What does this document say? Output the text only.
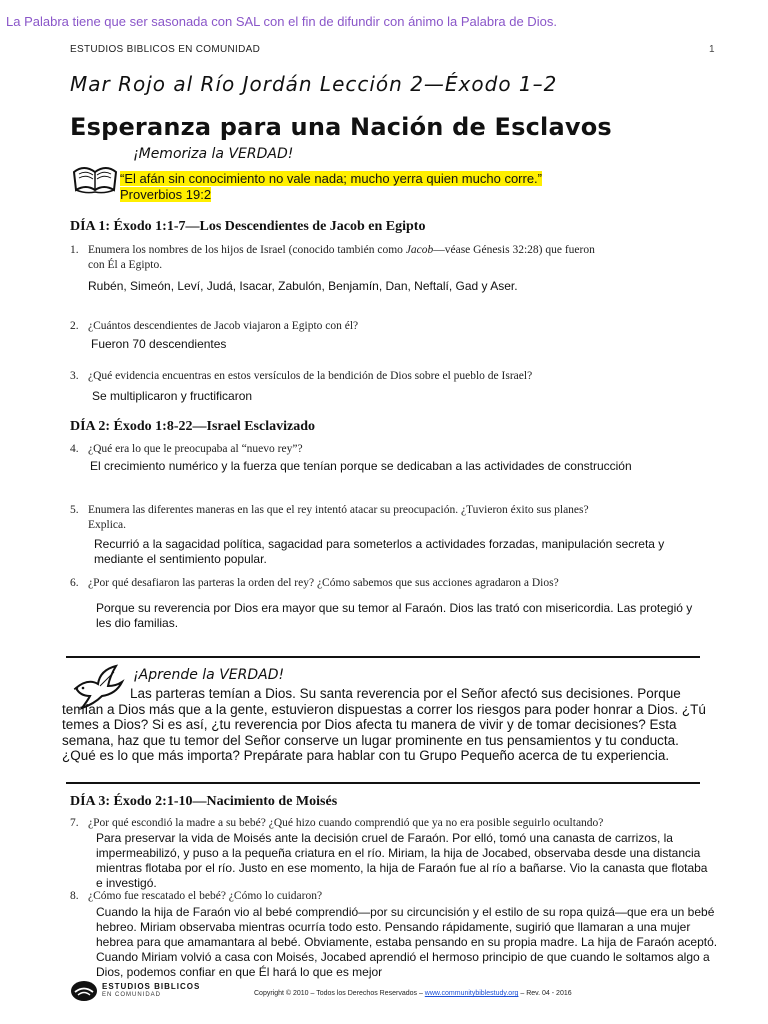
La Palabra tiene que ser sasonada con SAL con el fin de difundir con ánimo la Palabra de Dios.
ESTUDIOS BIBLICOS EN COMUNIDAD	1
Mar Rojo al Río Jordán Lección 2—Éxodo 1–2
Esperanza para una Nación de Esclavos
¡Memoriza la VERDAD!
“El afán sin conocimiento no vale nada; mucho yerra quien mucho corre.”
Proverbios 19:2
DÍA 1: Éxodo 1:1-7—Los Descendientes de Jacob en Egipto
1. Enumera los nombres de los hijos de Israel (conocido también como Jacob—véase Génesis 32:28) que fueron
con Él a Egipto.
Rubén, Simeón, Leví, Judá, Isacar, Zabulón, Benjamín, Dan, Neftalí, Gad y Aser.
2. ¿Cuántos descendientes de Jacob viajaron a Egipto con él?
Fueron 70 descendientes
3. ¿Qué evidencia encuentras en estos versículos de la bendición de Dios sobre el pueblo de Israel?
Se multiplicaron y fructificaron
DÍA 2: Éxodo 1:8-22—Israel Esclavizado
4. ¿Qué era lo que le preocupaba al “nuevo rey”?
El crecimiento numérico y la fuerza que tenían porque se dedicaban a las actividades de construcción
5. Enumera las diferentes maneras en las que el rey intentó atacar su preocupación. ¿Tuvieron éxito sus planes?
Explica.
Recurrió a la sagacidad política, sagacidad para someterlos a actividades forzadas, manipulación secreta y mediante el sentimiento popular.
6. ¿Por qué desafiaron las parteras la orden del rey? ¿Cómo sabemos que sus acciones agradaron a Dios?
Porque su reverencia por Dios era mayor que su temor al Faraón. Dios las trató con misericordia. Las protegió y les dio familias.
¡Aprende la VERDAD!
Las parteras temían a Dios. Su santa reverencia por el Señor afectó sus decisiones. Porque temían a Dios más que a la gente, estuvieron dispuestas a correr los riesgos para poder honrar a Dios. ¿Tú temes a Dios? Si es así, ¿tu reverencia por Dios afecta tu manera de vivir y de tomar decisiones? Esta semana, haz que tu temor del Señor conserve un lugar prominente en tus pensamientos y tu conducta. ¿Qué es lo que más importa? Prepárate para hablar con tu Grupo Pequeño acerca de tu experiencia.
DÍA 3: Éxodo 2:1-10—Nacimiento de Moisés
7. ¿Por qué escondió la madre a su bebé? ¿Qué hizo cuando comprendió que ya no era posible seguirlo ocultando?
Para preservar la vida de Moisés ante la decisión cruel de Faraón. Por elló, tomó una canasta de carrizos, la impermeabilizó, y puso a la pequeña criatura en el río. Miriam, la hija de Jocabed, observaba desde una distancia mientras flotaba por el río. Justo en ese momento, la hija de Faraón fue al río a bañarse. Vio la canasta que flotaba e investigó.
8. ¿Cómo fue rescatado el bebé? ¿Cómo lo cuidaron?
Cuando la hija de Faraón vio al bebé comprendió—por su circuncisión y el estilo de su ropa quizá—que era un bebé hebreo. Miriam observaba mientras ocurría todo esto. Pensando rápidamente, sugirió que llamaran a una mujer hebrea para que amamantara al bebé. Obviamente, estaba pensando en su propia madre. La hija de Faraón aceptó. Cuando Miriam volvió a casa con Moisés, Jocabed aprendió el hermoso principio de que cuando le soltamos algo a Dios, podemos confiar en que Él hará lo que es mejor
ESTUDIOS BIBLICOS
EN COMUNIDAD	Copyright © 2010 – Todos los Derechos Reservados – www.communitybiblestudy.org – Rev. 04 - 2016
